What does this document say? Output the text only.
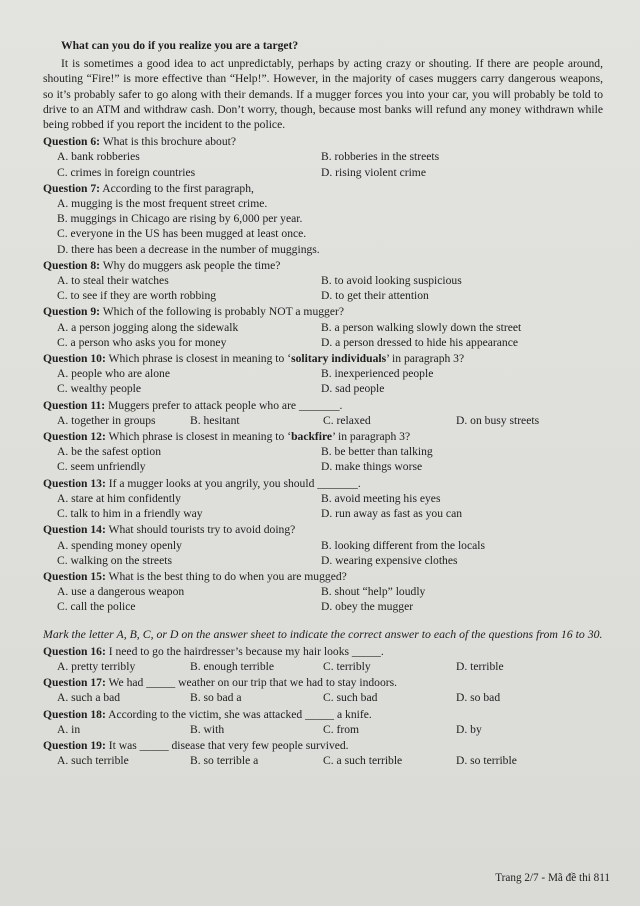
What can you do if you realize you are a target?
It is sometimes a good idea to act unpredictably, perhaps by acting crazy or shouting. If there are people around, shouting “Fire!” is more effective than “Help!”. However, in the majority of cases muggers carry dangerous weapons, so it’s probably safer to go along with their demands. If a mugger forces you into your car, you will probably be told to drive to an ATM and withdraw cash. Don’t worry, though, because most banks will refund any money withdrawn while being robbed if you report the incident to the police.
Question 6: What is this brochure about?
A. bank robberies	B. robberies in the streets
C. crimes in foreign countries	D. rising violent crime
Question 7: According to the first paragraph,
A. mugging is the most frequent street crime.
B. muggings in Chicago are rising by 6,000 per year.
C. everyone in the US has been mugged at least once.
D. there has been a decrease in the number of muggings.
Question 8: Why do muggers ask people the time?
A. to steal their watches	B. to avoid looking suspicious
C. to see if they are worth robbing	D. to get their attention
Question 9: Which of the following is probably NOT a mugger?
A. a person jogging along the sidewalk	B. a person walking slowly down the street
C. a person who asks you for money	D. a person dressed to hide his appearance
Question 10: Which phrase is closest in meaning to ‘solitary individuals’ in paragraph 3?
A. people who are alone	B. inexperienced people
C. wealthy people	D. sad people
Question 11: Muggers prefer to attack people who are _______.
A. together in groups	B. hesitant	C. relaxed	D. on busy streets
Question 12: Which phrase is closest in meaning to ‘backfire’ in paragraph 3?
A. be the safest option	B. be better than talking
C. seem unfriendly	D. make things worse
Question 13: If a mugger looks at you angrily, you should _______.
A. stare at him confidently	B. avoid meeting his eyes
C. talk to him in a friendly way	D. run away as fast as you can
Question 14: What should tourists try to avoid doing?
A. spending money openly	B. looking different from the locals
C. walking on the streets	D. wearing expensive clothes
Question 15: What is the best thing to do when you are mugged?
A. use a dangerous weapon	B. shout “help” loudly
C. call the police	D. obey the mugger
Mark the letter A, B, C, or D on the answer sheet to indicate the correct answer to each of the questions from 16 to 30.
Question 16: I need to go the hairdresser’s because my hair looks _____.
A. pretty terribly	B. enough terrible	C. terribly	D. terrible
Question 17: We had _____ weather on our trip that we had to stay indoors.
A. such a bad	B. so bad a	C. such bad	D. so bad
Question 18: According to the victim, she was attacked _____ a knife.
A. in	B. with	C. from	D. by
Question 19: It was _____ disease that very few people survived.
A. such terrible	B. so terrible a	C. a such terrible	D. so terrible
Trang 2/7 - Mã đề thi 811
